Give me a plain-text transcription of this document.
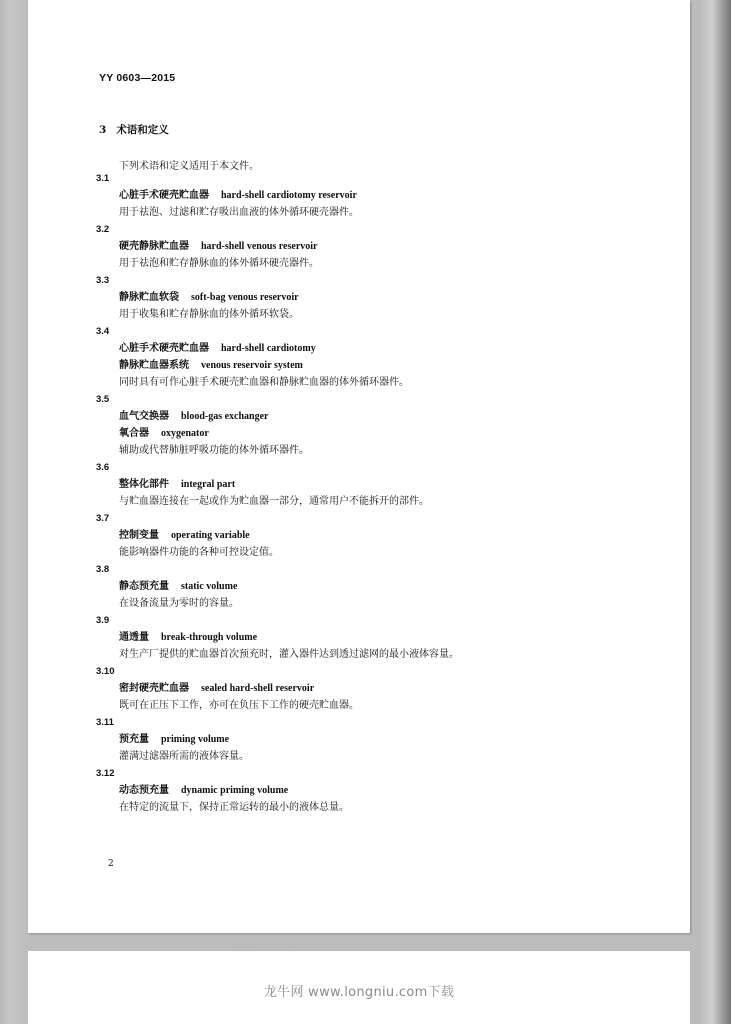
YY 0603—2015
3 术语和定义
下列术语和定义适用于本文件。
3.1
心脏手术硬壳贮血器 hard-shell cardiotomy reservoir
用于祛泡、过滤和贮存吸出血液的体外循环硬壳器件。
3.2
硬壳静脉贮血器 hard-shell venous reservoir
用于祛泡和贮存静脉血的体外循环硬壳器件。
3.3
静脉贮血软袋 soft-bag venous reservoir
用于收集和贮存静脉血的体外循环软袋。
3.4
心脏手术硬壳贮血器 hard-shell cardiotomy
静脉贮血器系统 venous reservoir system
同时具有可作心脏手术硬壳贮血器和静脉贮血器的体外循环器件。
3.5
血气交换器 blood-gas exchanger
氧合器 oxygenator
辅助或代替肺脏呼吸功能的体外循环器件。
3.6
整体化部件 integral part
与贮血器连接在一起或作为贮血器一部分，通常用户不能拆开的部件。
3.7
控制变量 operating variable
能影响器件功能的各种可控设定值。
3.8
静态预充量 static volume
在设备流量为零时的容量。
3.9
通透量 break-through volume
对生产厂提供的贮血器首次预充时，灌入器件达到透过滤网的最小液体容量。
3.10
密封硬壳贮血器 sealed hard-shell reservoir
既可在正压下工作，亦可在负压下工作的硬壳贮血器。
3.11
预充量 priming volume
灌满过滤器所需的液体容量。
3.12
动态预充量 dynamic priming volume
在特定的流量下，保持正常运转的最小的液体总量。
2
龙牛网 www.longniu.com下载
